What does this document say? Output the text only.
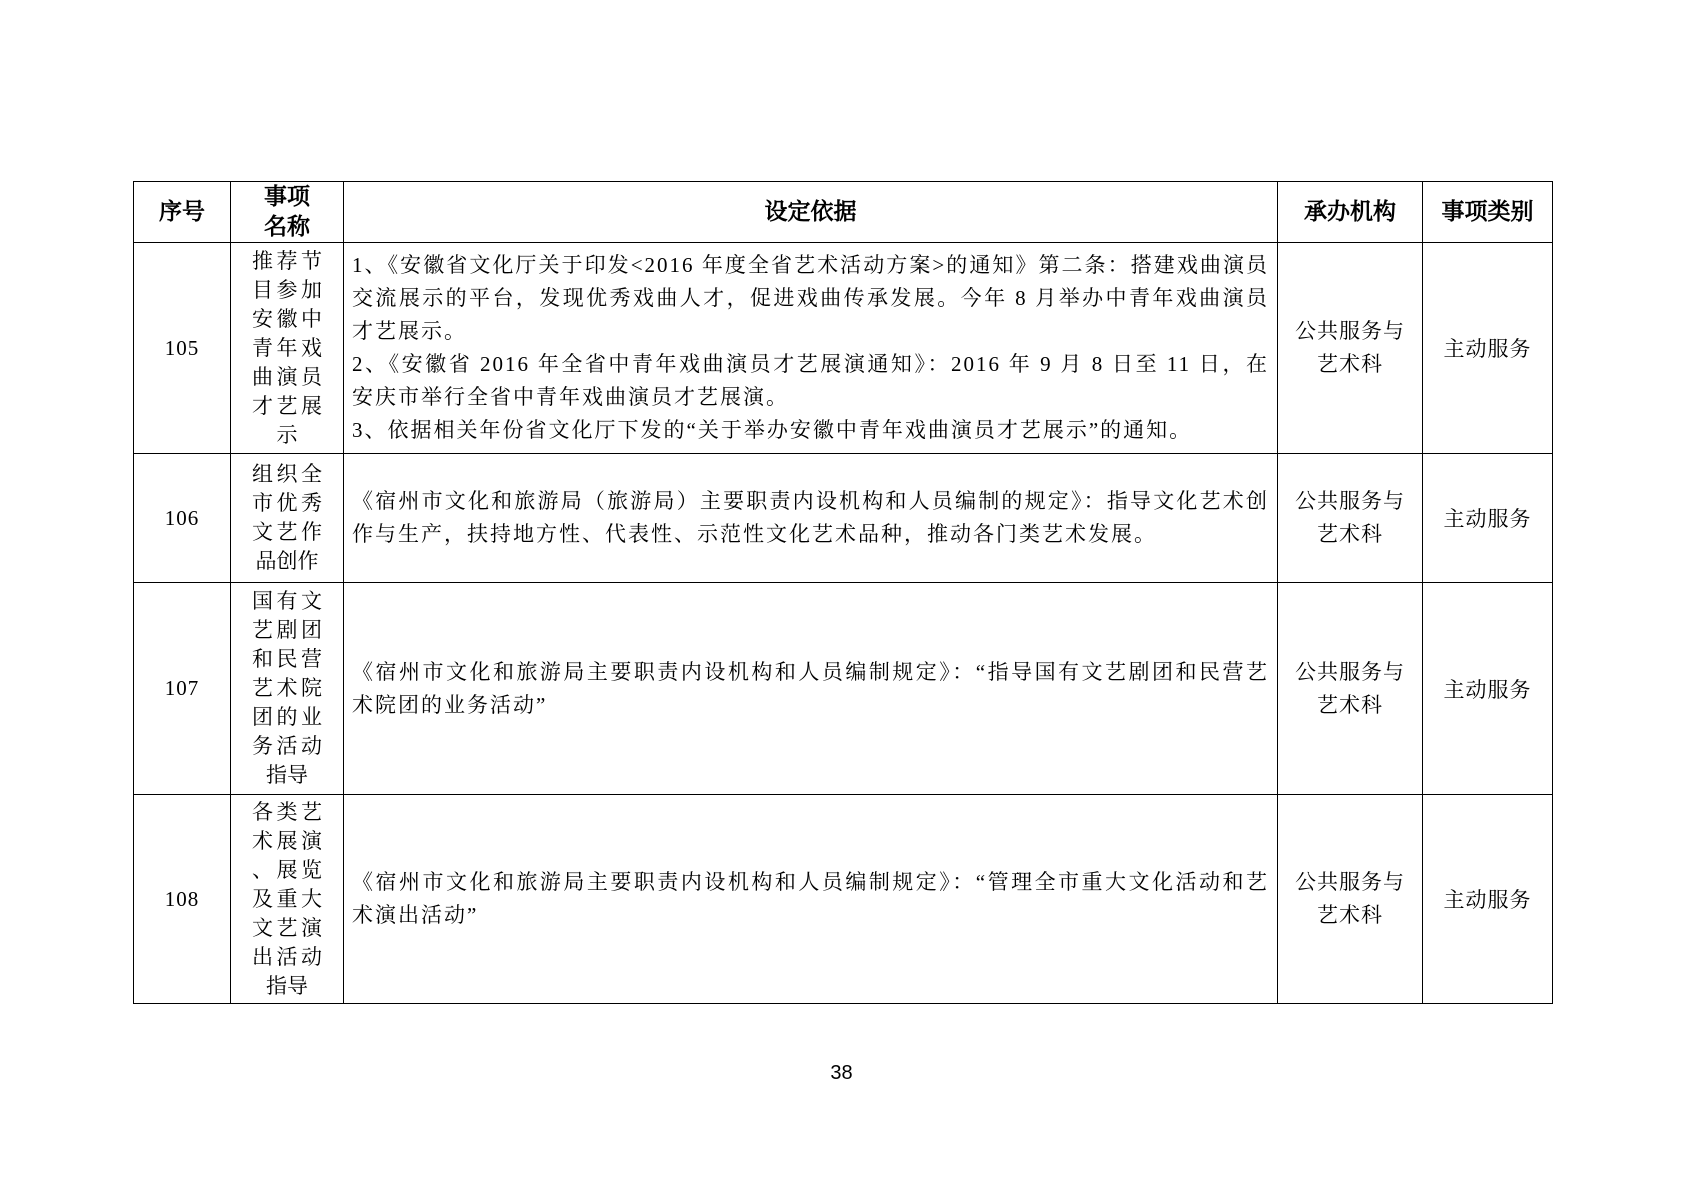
序号	事项名称	设定依据	承办机构	事项类别

105	推荐节目参加安徽中青年戏曲演员才艺展示	1、《安徽省文化厅关于印发<2016 年度全省艺术活动方案>的通知》第二条：搭建戏曲演员交流展示的平台，发现优秀戏曲人才，促进戏曲传承发展。今年 8 月举办中青年戏曲演员才艺展示。

2、《安徽省 2016 年全省中青年戏曲演员才艺展演通知》：2016 年 9 月 8 日至 11 日，在安庆市举行全省中青年戏曲演员才艺展演。

3、依据相关年份省文化厅下发的“关于举办安徽中青年戏曲演员才艺展示”的通知。	公共服务与艺术科	主动服务

106	组织全市优秀文艺作品创作	《宿州市文化和旅游局（旅游局）主要职责内设机构和人员编制的规定》：指导文化艺术创作与生产，扶持地方性、代表性、示范性文化艺术品种，推动各门类艺术发展。	公共服务与艺术科	主动服务

107	国有文艺剧团和民营艺术院团的业务活动指导	《宿州市文化和旅游局主要职责内设机构和人员编制规定》：“指导国有文艺剧团和民营艺术院团的业务活动”	公共服务与艺术科	主动服务

108	各类艺术展演、展览及重大文艺演出活动指导	《宿州市文化和旅游局主要职责内设机构和人员编制规定》：“管理全市重大文化活动和艺术演出活动”	公共服务与艺术科	主动服务
38
